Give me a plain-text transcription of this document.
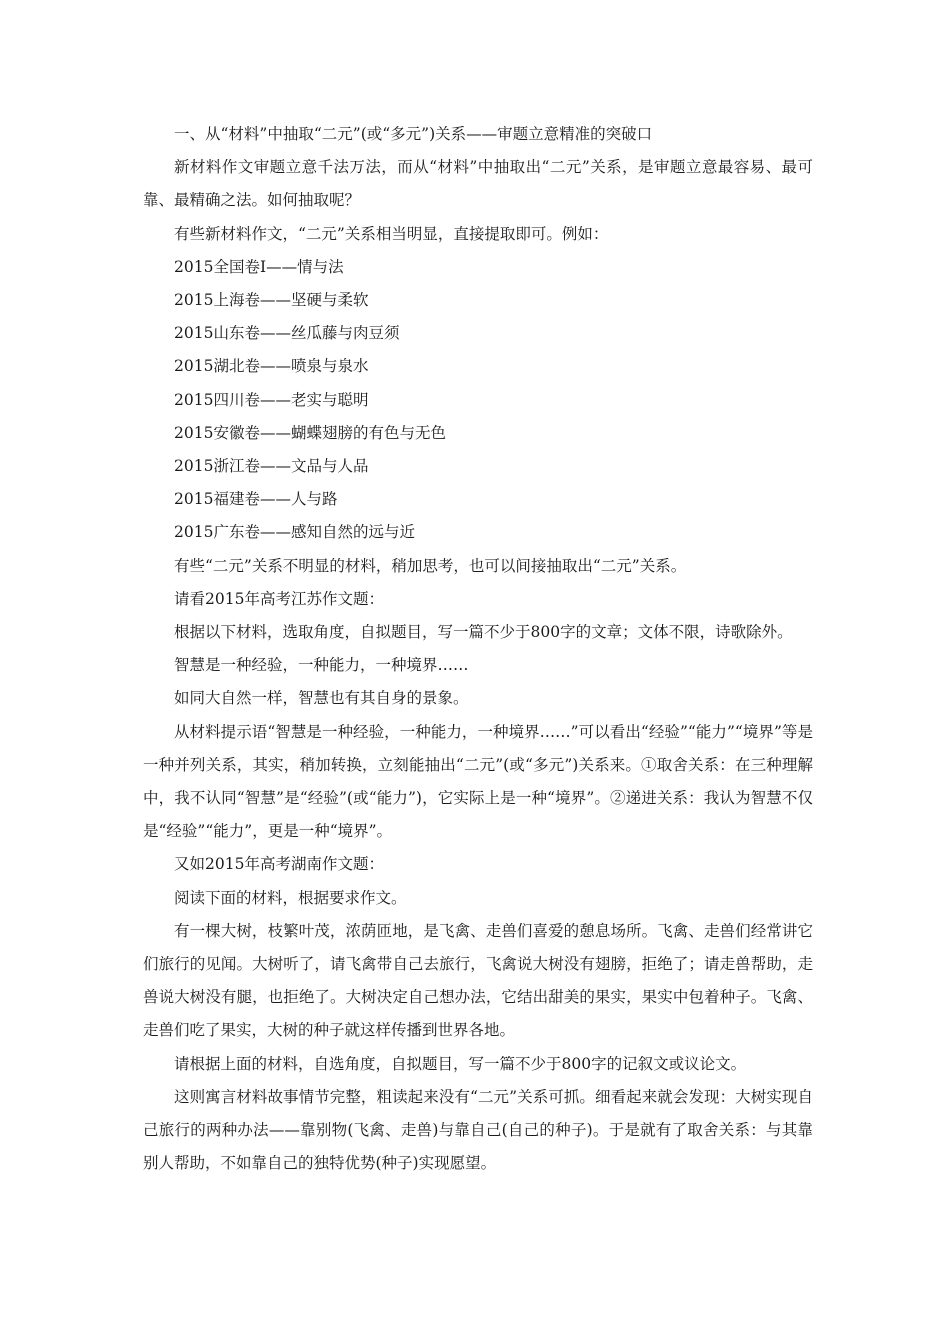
一、从“材料”中抽取“二元”(或“多元”)关系——审题立意精准的突破口

新材料作文审题立意千法万法，而从“材料”中抽取出“二元”关系，是审题立意最容易、最可靠、最精确之法。如何抽取呢？

有些新材料作文，“二元”关系相当明显，直接提取即可。例如：

2015全国卷Ⅰ——情与法

2015上海卷——坚硬与柔软

2015山东卷——丝瓜藤与肉豆须

2015湖北卷——喷泉与泉水

2015四川卷——老实与聪明

2015安徽卷——蝴蝶翅膀的有色与无色

2015浙江卷——文品与人品

2015福建卷——人与路

2015广东卷——感知自然的远与近

有些“二元”关系不明显的材料，稍加思考，也可以间接抽取出“二元”关系。

请看2015年高考江苏作文题：

根据以下材料，选取角度，自拟题目，写一篇不少于800字的文章；文体不限，诗歌除外。

智慧是一种经验，一种能力，一种境界……

如同大自然一样，智慧也有其自身的景象。

从材料提示语“智慧是一种经验，一种能力，一种境界……”可以看出“经验”“能力”“境界”等是一种并列关系，其实，稍加转换，立刻能抽出“二元”(或“多元”)关系来。①取舍关系：在三种理解中，我不认同“智慧”是“经验”(或“能力”)，它实际上是一种“境界”。②递进关系：我认为智慧不仅是“经验”“能力”，更是一种“境界”。

又如2015年高考湖南作文题：

阅读下面的材料，根据要求作文。

有一棵大树，枝繁叶茂，浓荫匝地，是飞禽、走兽们喜爱的憩息场所。飞禽、走兽们经常讲它们旅行的见闻。大树听了，请飞禽带自己去旅行，飞禽说大树没有翅膀，拒绝了；请走兽帮助，走兽说大树没有腿，也拒绝了。大树决定自己想办法，它结出甜美的果实，果实中包着种子。飞禽、走兽们吃了果实，大树的种子就这样传播到世界各地。

请根据上面的材料，自选角度，自拟题目，写一篇不少于800字的记叙文或议论文。

这则寓言材料故事情节完整，粗读起来没有“二元”关系可抓。细看起来就会发现：大树实现自己旅行的两种办法——靠别物(飞禽、走兽)与靠自己(自己的种子)。于是就有了取舍关系：与其靠别人帮助，不如靠自己的独特优势(种子)实现愿望。
